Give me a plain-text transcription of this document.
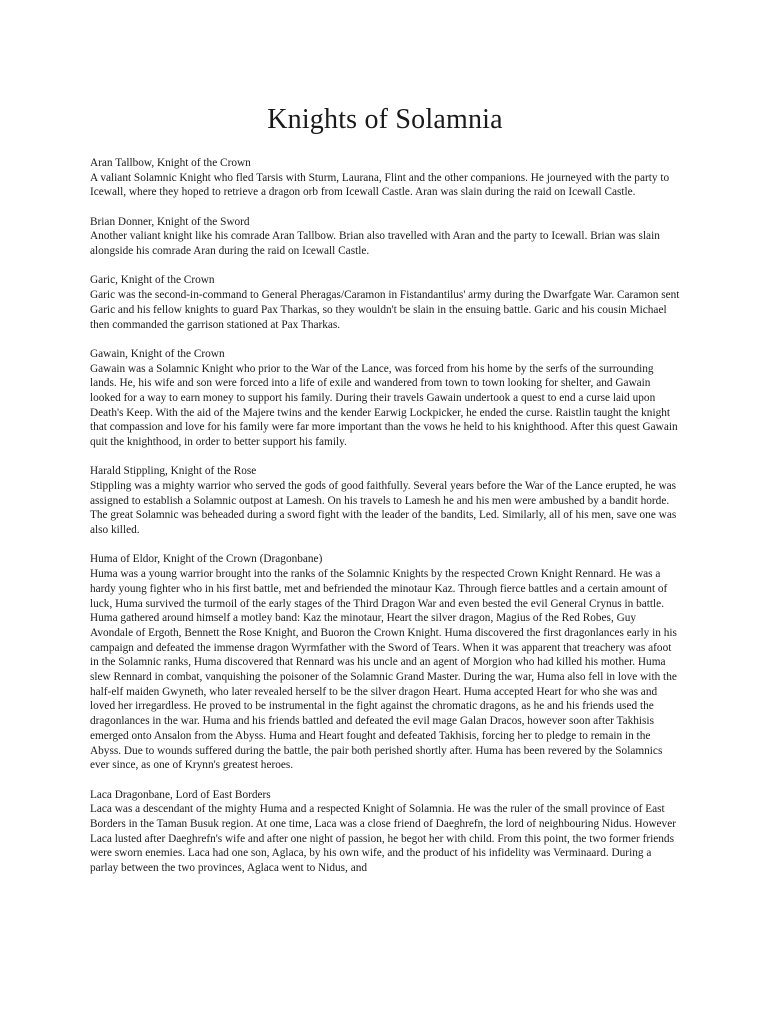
Knights of Solamnia
Aran Tallbow, Knight of the Crown
A valiant Solamnic Knight who fled Tarsis with Sturm, Laurana, Flint and the other companions. He journeyed with the party to Icewall, where they hoped to retrieve a dragon orb from Icewall Castle. Aran was slain during the raid on Icewall Castle.
Brian Donner, Knight of the Sword
Another valiant knight like his comrade Aran Tallbow. Brian also travelled with Aran and the party to Icewall. Brian was slain alongside his comrade Aran during the raid on Icewall Castle.
Garic, Knight of the Crown
Garic was the second-in-command to General Pheragas/Caramon in Fistandantilus' army during the Dwarfgate War. Caramon sent Garic and his fellow knights to guard Pax Tharkas, so they wouldn't be slain in the ensuing battle. Garic and his cousin Michael then commanded the garrison stationed at Pax Tharkas.
Gawain, Knight of the Crown
Gawain was a Solamnic Knight who prior to the War of the Lance, was forced from his home by the serfs of the surrounding lands. He, his wife and son were forced into a life of exile and wandered from town to town looking for shelter, and Gawain looked for a way to earn money to support his family. During their travels Gawain undertook a quest to end a curse laid upon Death's Keep. With the aid of the Majere twins and the kender Earwig Lockpicker, he ended the curse. Raistlin taught the knight that compassion and love for his family were far more important than the vows he held to his knighthood. After this quest Gawain quit the knighthood, in order to better support his family.
Harald Stippling, Knight of the Rose
Stippling was a mighty warrior who served the gods of good faithfully. Several years before the War of the Lance erupted, he was assigned to establish a Solamnic outpost at Lamesh. On his travels to Lamesh he and his men were ambushed by a bandit horde. The great Solamnic was beheaded during a sword fight with the leader of the bandits, Led. Similarly, all of his men, save one was also killed.
Huma of Eldor, Knight of the Crown (Dragonbane)
Huma was a young warrior brought into the ranks of the Solamnic Knights by the respected Crown Knight Rennard. He was a hardy young fighter who in his first battle, met and befriended the minotaur Kaz. Through fierce battles and a certain amount of luck, Huma survived the turmoil of the early stages of the Third Dragon War and even bested the evil General Crynus in battle. Huma gathered around himself a motley band: Kaz the minotaur, Heart the silver dragon, Magius of the Red Robes, Guy Avondale of Ergoth, Bennett the Rose Knight, and Buoron the Crown Knight. Huma discovered the first dragonlances early in his campaign and defeated the immense dragon Wyrmfather with the Sword of Tears. When it was apparent that treachery was afoot in the Solamnic ranks, Huma discovered that Rennard was his uncle and an agent of Morgion who had killed his mother. Huma slew Rennard in combat, vanquishing the poisoner of the Solamnic Grand Master. During the war, Huma also fell in love with the half-elf maiden Gwyneth, who later revealed herself to be the silver dragon Heart. Huma accepted Heart for who she was and loved her irregardless. He proved to be instrumental in the fight against the chromatic dragons, as he and his friends used the dragonlances in the war. Huma and his friends battled and defeated the evil mage Galan Dracos, however soon after Takhisis emerged onto Ansalon from the Abyss. Huma and Heart fought and defeated Takhisis, forcing her to pledge to remain in the Abyss. Due to wounds suffered during the battle, the pair both perished shortly after. Huma has been revered by the Solamnics ever since, as one of Krynn's greatest heroes.
Laca Dragonbane, Lord of East Borders
Laca was a descendant of the mighty Huma and a respected Knight of Solamnia. He was the ruler of the small province of East Borders in the Taman Busuk region. At one time, Laca was a close friend of Daeghrefn, the lord of neighbouring Nidus. However Laca lusted after Daeghrefn's wife and after one night of passion, he begot her with child. From this point, the two former friends were sworn enemies. Laca had one son, Aglaca, by his own wife, and the product of his infidelity was Verminaard. During a parlay between the two provinces, Aglaca went to Nidus, and
